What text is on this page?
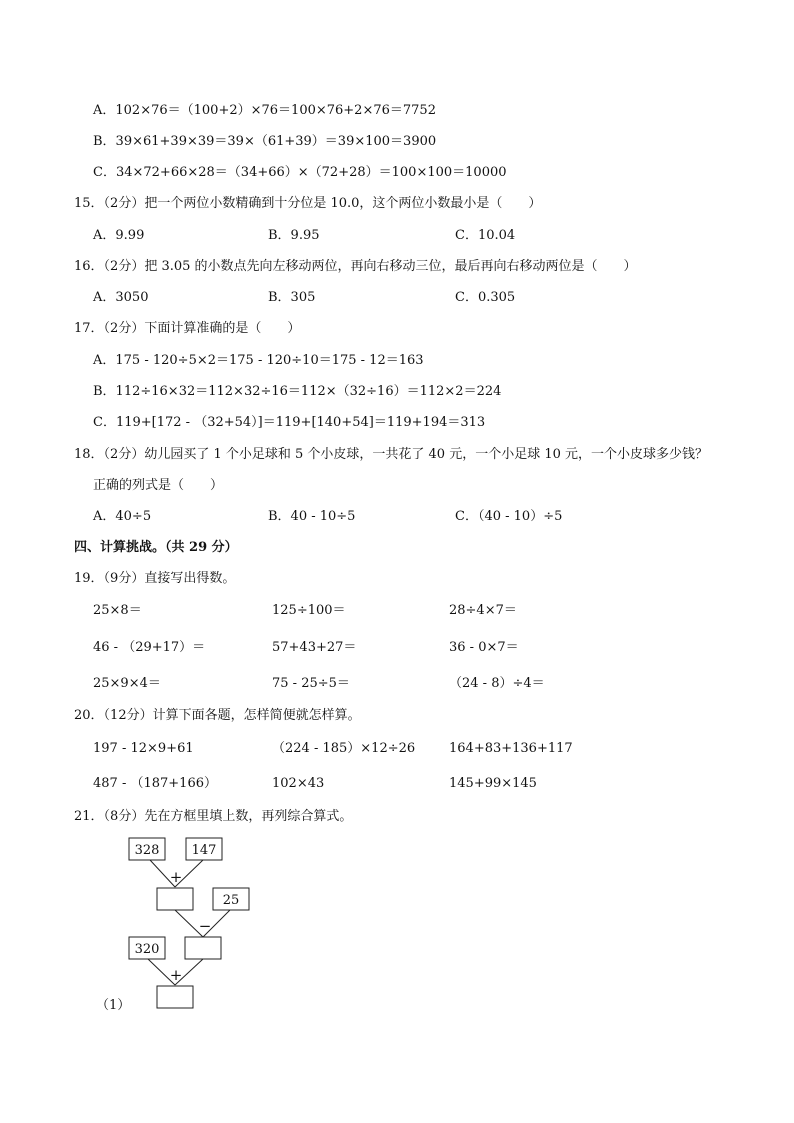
A．102×76＝（100+2）×76＝100×76+2×76＝7752
B．39×61+39×39＝39×（61+39）＝39×100＝3900
C．34×72+66×28＝（34+66）×（72+28）＝100×100＝10000
15．（2分）把一个两位小数精确到十分位是 10.0，这个两位小数最小是（　　）
A．9.99	B．9.95	C．10.04
16．（2分）把 3.05 的小数点先向左移动两位，再向右移动三位，最后再向右移动两位是（　　）
A．3050	B．305	C．0.305
17．（2分）下面计算准确的是（　　）
A．175 - 120÷5×2＝175 - 120÷10＝175 - 12＝163
B．112÷16×32＝112×32÷16＝112×（32÷16）＝112×2＝224
C．119+[172 - （32+54）]＝119+[140+54]＝119+194＝313
18．（2分）幼儿园买了 1 个小足球和 5 个小皮球，一共花了 40 元，一个小足球 10 元，一个小皮球多少钱？
正确的列式是（　　）
A．40÷5	B．40 - 10÷5	C．（40 - 10）÷5
四、计算挑战。（共 29 分）
19．（9分）直接写出得数。
25×8＝	125÷100＝	28÷4×7＝
46 - （29+17）＝	57+43+27＝	36 - 0×7＝
25×9×4＝	75 - 25÷5＝	（24 - 8）÷4＝
20．（12分）计算下面各题，怎样简便就怎样算。
197 - 12×9+61	（224 - 185）×12÷26	164+83+136+117
487 - （187+166）	102×43	145+99×145
21．（8分）先在方框里填上数，再列综合算式。
328 147
25
320
+
−
+
（1）
